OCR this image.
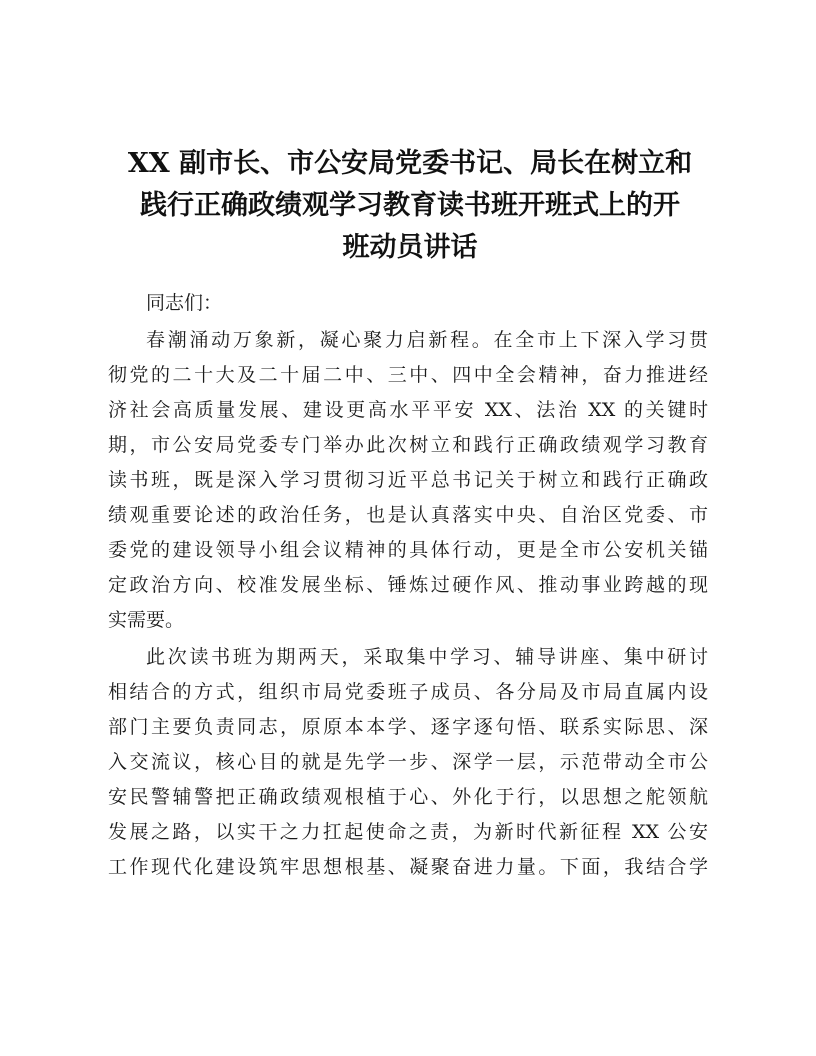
XX 副市长、市公安局党委书记、局长在树立和
践行正确政绩观学习教育读书班开班式上的开
班动员讲话
同志们：
春潮涌动万象新，凝心聚力启新程。在全市上下深入学习贯
彻党的二十大及二十届二中、三中、四中全会精神，奋力推进经
济社会高质量发展、建设更高水平平安 XX、法治 XX 的关键时
期，市公安局党委专门举办此次树立和践行正确政绩观学习教育
读书班，既是深入学习贯彻习近平总书记关于树立和践行正确政
绩观重要论述的政治任务，也是认真落实中央、自治区党委、市
委党的建设领导小组会议精神的具体行动，更是全市公安机关锚
定政治方向、校准发展坐标、锤炼过硬作风、推动事业跨越的现
实需要。
此次读书班为期两天，采取集中学习、辅导讲座、集中研讨
相结合的方式，组织市局党委班子成员、各分局及市局直属内设
部门主要负责同志，原原本本学、逐字逐句悟、联系实际思、深
入交流议，核心目的就是先学一步、深学一层，示范带动全市公
安民警辅警把正确政绩观根植于心、外化于行，以思想之舵领航
发展之路，以实干之力扛起使命之责，为新时代新征程 XX 公安
工作现代化建设筑牢思想根基、凝聚奋进力量。下面，我结合学
